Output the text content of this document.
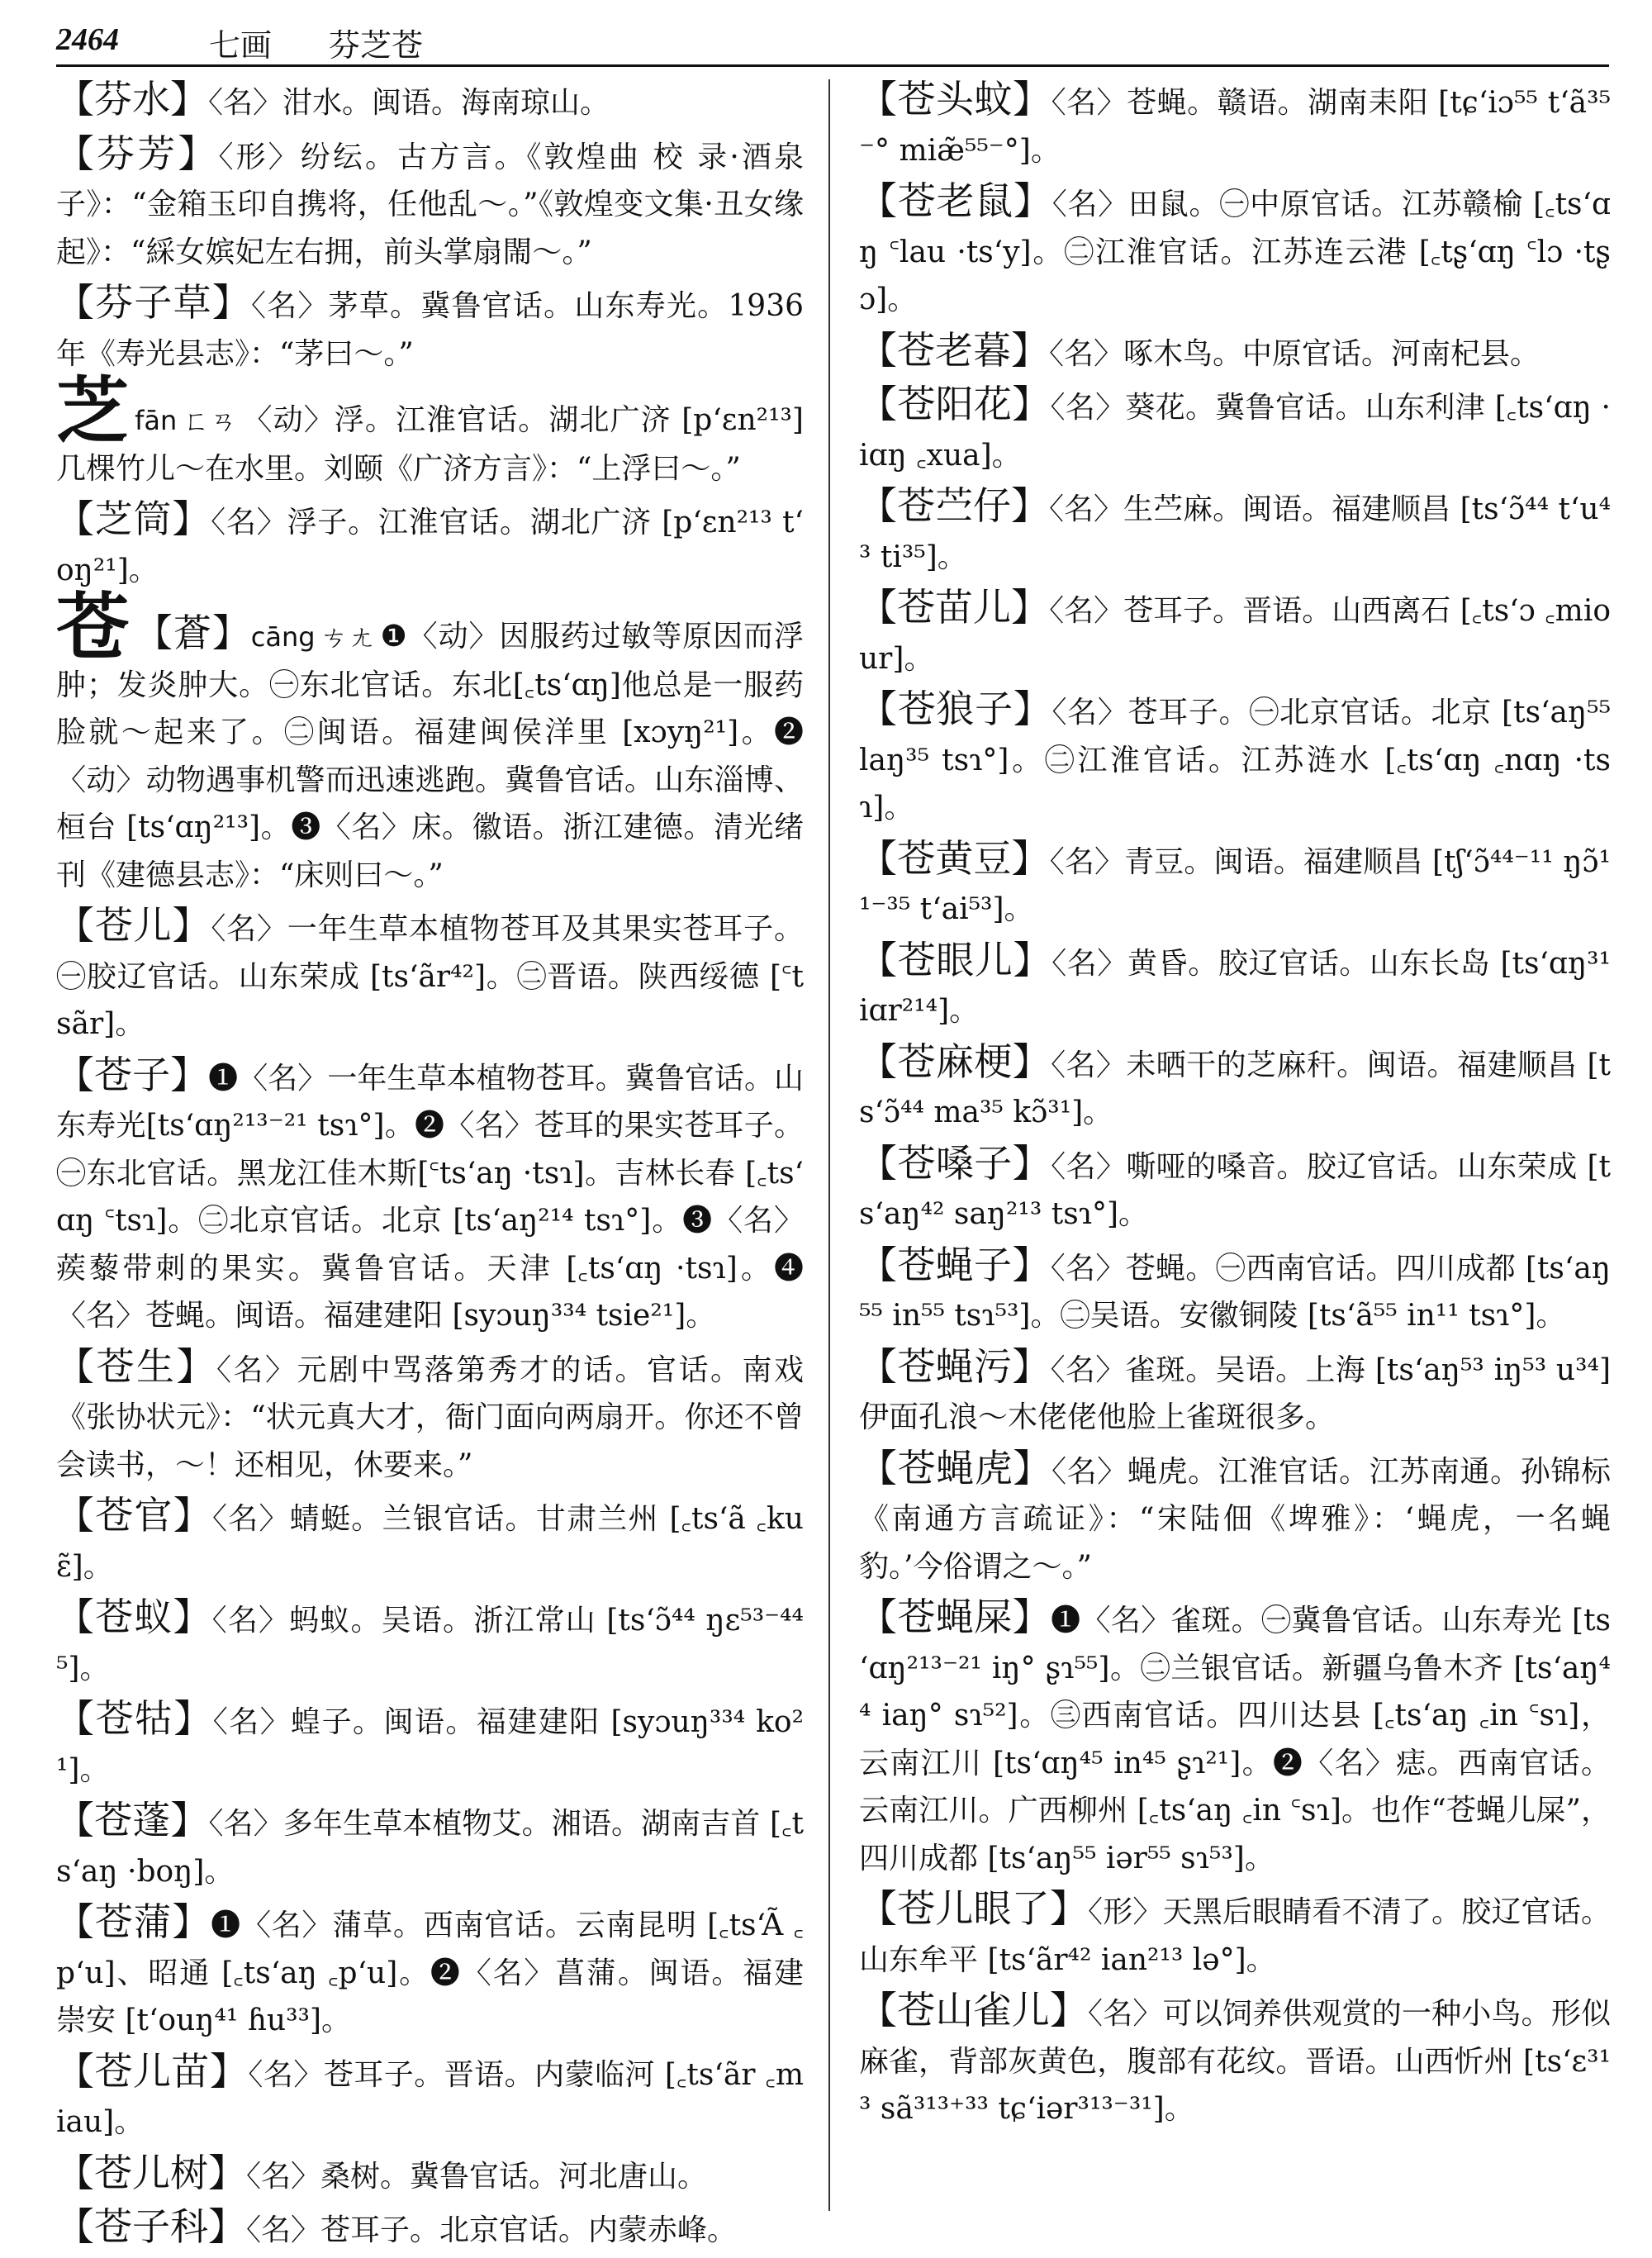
2464	七画 芬芝苍

【芬水】〈名〉泔水。闽语。海南琼山。

【芬芳】〈形〉纷纭。古方言。《敦煌曲 校 录·酒泉子》：“金箱玉印自携将，任他乱～。”《敦煌变文集·丑女缘起》：“綵女嫔妃左右拥，前头掌扇閙～。”

【芬子草】〈名〉茅草。冀鲁官话。山东寿光。1936年《寿光县志》：“茅曰～。”

芝fān ㄈㄢ 〈动〉浮。江淮官话。湖北广济 [pʻɛn²¹³] 几棵竹儿～在水里。刘颐《广济方言》：“上浮曰～。”

【芝筒】〈名〉浮子。江淮官话。湖北广济 [pʻɛn²¹³ tʻoŋ²¹]。

苍 【蒼】cāng ㄘㄤ ❶〈动〉因服药过敏等原因而浮肿；发炎肿大。㊀东北官话。东北[꜀tsʻɑŋ]他总是一服药脸就～起来了。㊁闽语。福建闽侯洋里 [xɔyŋ²¹]。❷〈动〉动物遇事机警而迅速逃跑。冀鲁官话。山东淄博、桓台 [tsʻɑŋ²¹³]。❸〈名〉床。徽语。浙江建德。清光绪刊《建德县志》：“床则曰～。”

【苍儿】〈名〉一年生草本植物苍耳及其果实苍耳子。㊀胶辽官话。山东荣成 [tsʻãr⁴²]。㊁晋语。陕西绥德 [꜂tsãr]。

【苍子】❶〈名〉一年生草本植物苍耳。冀鲁官话。山东寿光[tsʻɑŋ²¹³⁻²¹ tsɿ°]。❷〈名〉苍耳的果实苍耳子。㊀东北官话。黑龙江佳木斯[꜂tsʻaŋ ·tsɿ]。吉林长春 [꜀tsʻɑŋ ꜂tsɿ]。㊁北京官话。北京 [tsʻaŋ²¹⁴ tsɿ°]。❸〈名〉蒺藜带刺的果实。冀鲁官话。天津 [꜀tsʻɑŋ ·tsɿ]。❹〈名〉苍蝇。闽语。福建建阳 [syɔuŋ³³⁴ tsie²¹]。

【苍生】〈名〉元剧中骂落第秀才的话。官话。南戏《张协状元》：“状元真大才，衙门面向两扇开。你还不曾会读书，～！还相见，休要来。”

【苍官】〈名〉蜻蜓。兰银官话。甘肃兰州 [꜀tsʻã ꜀kuɛ̃]。

【苍蚁】〈名〉蚂蚁。吴语。浙江常山 [tsʻɔ̃⁴⁴ ŋɛ⁵³⁻⁴⁴⁵]。

【苍牯】〈名〉蝗子。闽语。福建建阳 [syɔuŋ³³⁴ ko²¹]。

【苍蓬】〈名〉多年生草本植物艾。湘语。湖南吉首 [꜀tsʻaŋ ·boŋ]。

【苍蒲】❶〈名〉蒲草。西南官话。云南昆明 [꜀tsʻÃ ꜀pʻu]、昭通 [꜀tsʻaŋ ꜀pʻu]。❷〈名〉菖蒲。闽语。福建崇安 [tʻouŋ⁴¹ ɦu³³]。

【苍儿苗】〈名〉苍耳子。晋语。内蒙临河 [꜀tsʻãr ꜀miau]。

【苍儿树】〈名〉桑树。冀鲁官话。河北唐山。

【苍子科】〈名〉苍耳子。北京官话。内蒙赤峰。

【苍头蚊】〈名〉苍蝇。赣语。湖南耒阳 [tɕʻiɔ⁵⁵ tʻã³⁵⁻° miæ̃⁵⁵⁻°]。

【苍老鼠】〈名〉田鼠。㊀中原官话。江苏赣榆 [꜀tsʻɑŋ ꜂lau ·tsʻy]。㊁江淮官话。江苏连云港 [꜀tʂʻɑŋ ꜂lɔ ·tʂɔ]。

【苍老暮】〈名〉啄木鸟。中原官话。河南杞县。

【苍阳花】〈名〉葵花。冀鲁官话。山东利津 [꜀tsʻɑŋ ·iɑŋ ꜀xua]。

【苍苎仔】〈名〉生苎麻。闽语。福建顺昌 [tsʻɔ̃⁴⁴ tʻu⁴³ ti³⁵]。

【苍苗儿】〈名〉苍耳子。晋语。山西离石 [꜀tsʻɔ ꜀miour]。

【苍狼子】〈名〉苍耳子。㊀北京官话。北京 [tsʻaŋ⁵⁵ laŋ³⁵ tsɿ°]。㊁江淮官话。江苏涟水 [꜀tsʻɑŋ ꜀nɑŋ ·tsɿ]。

【苍黄豆】〈名〉青豆。闽语。福建顺昌 [tʃʻɔ̃⁴⁴⁻¹¹ ŋɔ̃¹¹⁻³⁵ tʻai⁵³]。

【苍眼儿】〈名〉黄昏。胶辽官话。山东长岛 [tsʻɑŋ³¹ iɑr²¹⁴]。

【苍麻梗】〈名〉未晒干的芝麻秆。闽语。福建顺昌 [tsʻɔ̃⁴⁴ ma³⁵ kɔ̃³¹]。

【苍嗓子】〈名〉嘶哑的嗓音。胶辽官话。山东荣成 [tsʻaŋ⁴² saŋ²¹³ tsɿ°]。

【苍蝇子】〈名〉苍蝇。㊀西南官话。四川成都 [tsʻaŋ⁵⁵ in⁵⁵ tsɿ⁵³]。㊁吴语。安徽铜陵 [tsʻã⁵⁵ in¹¹ tsɿ°]。

【苍蝇污】〈名〉雀斑。吴语。上海 [tsʻaŋ⁵³ iŋ⁵³ u³⁴] 伊面孔浪～木佬佬他脸上雀斑很多。

【苍蝇虎】〈名〉蝇虎。江淮官话。江苏南通。孙锦标《南通方言疏证》：“宋陆佃《埤雅》：‘蝇虎，一名蝇豹。’今俗谓之～。”

【苍蝇屎】❶〈名〉雀斑。㊀冀鲁官话。山东寿光 [tsʻɑŋ²¹³⁻²¹ iŋ° ʂɿ⁵⁵]。㊁兰银官话。新疆乌鲁木齐 [tsʻaŋ⁴⁴ iaŋ° sɿ⁵²]。㊂西南官话。四川达县 [꜀tsʻaŋ ꜀in ꜂sɿ]，云南江川 [tsʻɑŋ⁴⁵ in⁴⁵ ʂɿ²¹]。❷〈名〉痣。西南官话。云南江川。广西柳州 [꜀tsʻaŋ ꜀in ꜂sɿ]。也作“苍蝇儿屎”，四川成都 [tsʻaŋ⁵⁵ iər⁵⁵ sɿ⁵³]。

【苍儿眼了】〈形〉天黑后眼睛看不清了。胶辽官话。山东牟平 [tsʻãr⁴² ian²¹³ lə°]。

【苍山雀儿】〈名〉可以饲养供观赏的一种小鸟。形似麻雀，背部灰黄色，腹部有花纹。晋语。山西忻州 [tsʻɛ³¹³ sã³¹³⁺³³ tɕʻiər³¹³⁻³¹]。
